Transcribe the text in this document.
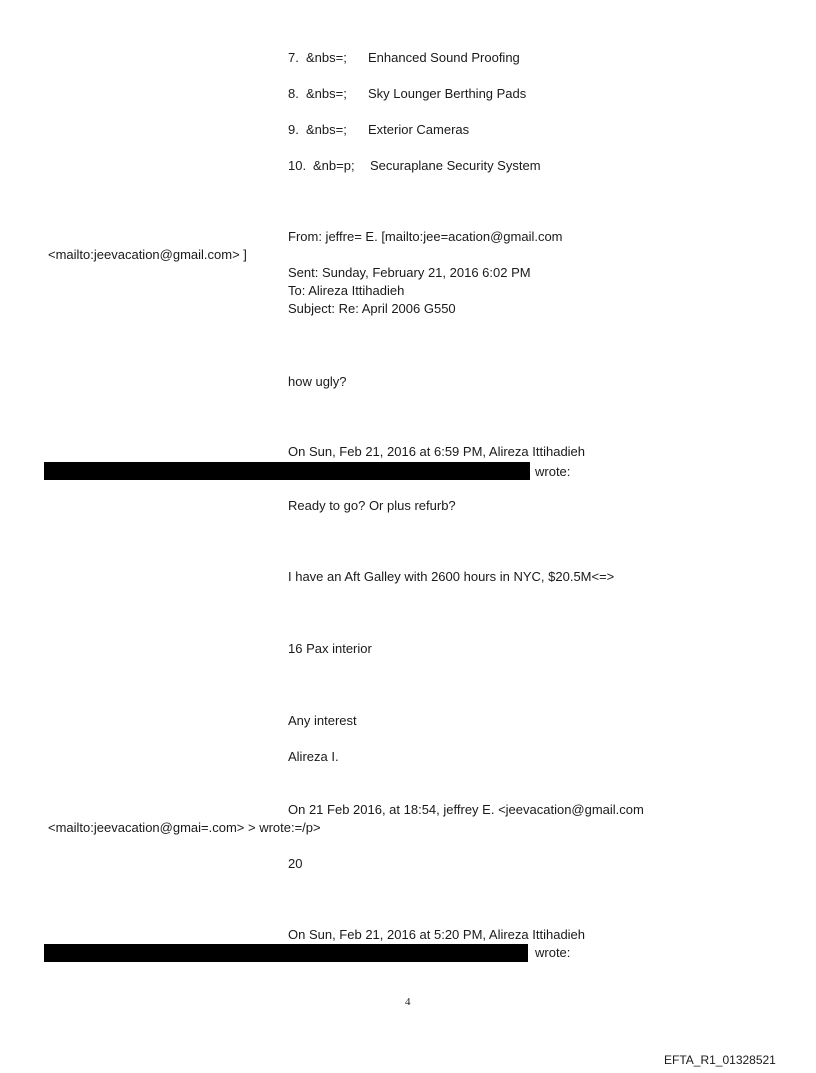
7. &nbs=; Enhanced Sound Proofing
8. &nbs=; Sky Lounger Berthing Pads
9. &nbs=; Exterior Cameras
10. &nb=p; Securaplane Security System
From: jeffre= E. [mailto:jee=acation@gmail.com
<mailto:jeevacation@gmail.com> ]
Sent: Sunday, February 21, 2016 6:02 PM
To: Alireza Ittihadieh
Subject: Re: April 2006 G550
how ugly?
On Sun, Feb 21, 2016 at 6:59 PM, Alireza Ittihadieh
wrote:
Ready to go? Or plus refurb?
I have an Aft Galley with 2600 hours in NYC, $20.5M<=>
16 Pax interior
Any interest
Alireza I.
On 21 Feb 2016, at 18:54, jeffrey E. <jeevacation@gmail.com
<mailto:jeevacation@gmai=.com> > wrote:=/p>
20
On Sun, Feb 21, 2016 at 5:20 PM, Alireza Ittihadieh
wrote:
4
EFTA_R1_01328521
